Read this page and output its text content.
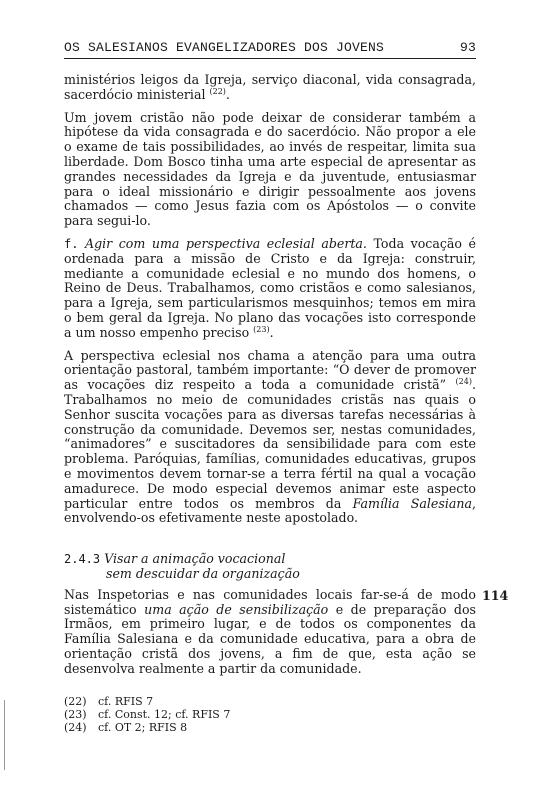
OS SALESIANOS EVANGELIZADORES DOS JOVENS	93

ministérios leigos da Igreja, serviço diaconal, vida consagrada, sacerdócio ministerial $^{(22)}$.

Um jovem cristão não pode deixar de considerar também a hipótese da vida consagrada e do sacerdócio. Não propor a ele o exame de tais possibilidades, ao invés de respeitar, limita sua liberdade. Dom Bosco tinha uma arte especial de apresentar as grandes necessidades da Igreja e da juventude, entusiasmar para o ideal missionário e dirigir pessoalmente aos jovens chamados — como Jesus fazia com os Apóstolos — o convite para segui-lo.

f. Agir com uma perspectiva eclesial aberta. Toda vocação é ordenada para a missão de Cristo e da Igreja: construir, mediante a comunidade eclesial e no mundo dos homens, o Reino de Deus. Trabalhamos, como cristãos e como salesianos, para a Igreja, sem particularismos mesquinhos; temos em mira o bem geral da Igreja. No plano das vocações isto corresponde a um nosso empenho preciso $^{(23)}$.

A perspectiva eclesial nos chama a atenção para uma outra orientação pastoral, também importante: “O dever de promover as vocações diz respeito a toda a comunidade cristã” $^{(24)}$. Trabalhamos no meio de comunidades cristãs nas quais o Senhor suscita vocações para as diversas tarefas necessárias à construção da comunidade. Devemos ser, nestas comunidades, “animadores” e suscitadores da sensibilidade para com este problema. Paróquias, famílias, comunidades educativas, grupos e movimentos devem tornar-se a terra fértil na qual a vocação amadurece. De modo especial devemos animar este aspecto particular entre todos os membros da Família Salesiana, envolvendo-os efetivamente neste apostolado.

2.4.3 Visar a animação vocacional
sem descuidar da organização
114

Nas Inspetorias e nas comunidades locais far-se-á de modo sistemático uma ação de sensibilização e de preparação dos Irmãos, em primeiro lugar, e de todos os componentes da Família Salesiana e da comunidade educativa, para a obra de orientação cristã dos jovens, a fim de que, esta ação se desenvolva realmente a partir da comunidade.

(22)	cf. RFIS 7
(23)	cf. Const. 12; cf. RFIS 7
(24)	cf. OT 2; RFIS 8
